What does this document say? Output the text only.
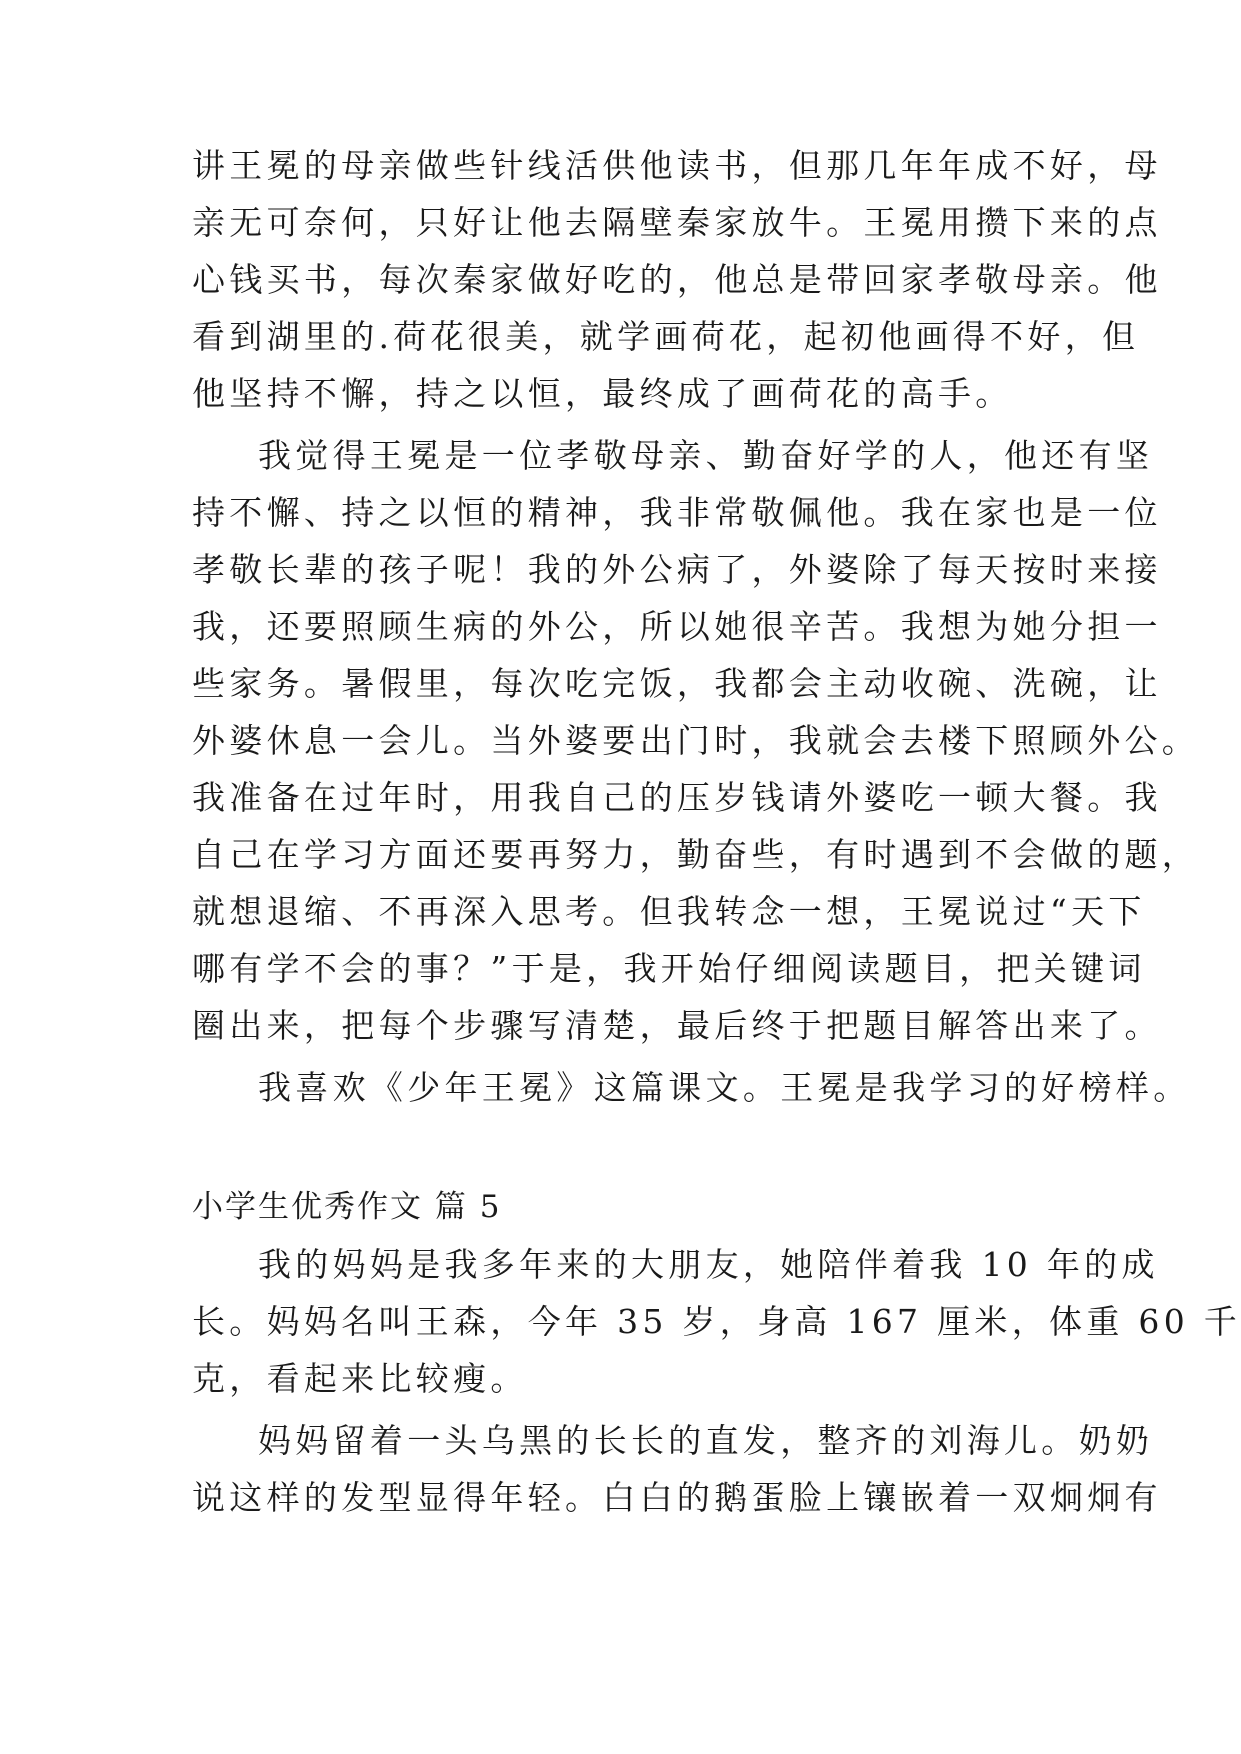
讲王冕的母亲做些针线活供他读书，但那几年年成不好，母
亲无可奈何，只好让他去隔壁秦家放牛。王冕用攒下来的点
心钱买书，每次秦家做好吃的，他总是带回家孝敬母亲。他
看到湖里的.荷花很美，就学画荷花，起初他画得不好，但
他坚持不懈，持之以恒，最终成了画荷花的高手。
我觉得王冕是一位孝敬母亲、勤奋好学的人，他还有坚
持不懈、持之以恒的精神，我非常敬佩他。我在家也是一位
孝敬长辈的孩子呢！我的外公病了，外婆除了每天按时来接
我，还要照顾生病的外公，所以她很辛苦。我想为她分担一
些家务。暑假里，每次吃完饭，我都会主动收碗、洗碗，让
外婆休息一会儿。当外婆要出门时，我就会去楼下照顾外公。
我准备在过年时，用我自己的压岁钱请外婆吃一顿大餐。我
自己在学习方面还要再努力，勤奋些，有时遇到不会做的题，
就想退缩、不再深入思考。但我转念一想，王冕说过“天下
哪有学不会的事？”于是，我开始仔细阅读题目，把关键词
圈出来，把每个步骤写清楚，最后终于把题目解答出来了。
我喜欢《少年王冕》这篇课文。王冕是我学习的好榜样。
小学生优秀作文 篇 5
我的妈妈是我多年来的大朋友，她陪伴着我 10 年的成
长。妈妈名叫王森，今年 35 岁，身高 167 厘米，体重 60 千
克，看起来比较瘦。
妈妈留着一头乌黑的长长的直发，整齐的刘海儿。奶奶
说这样的发型显得年轻。白白的鹅蛋脸上镶嵌着一双炯炯有
